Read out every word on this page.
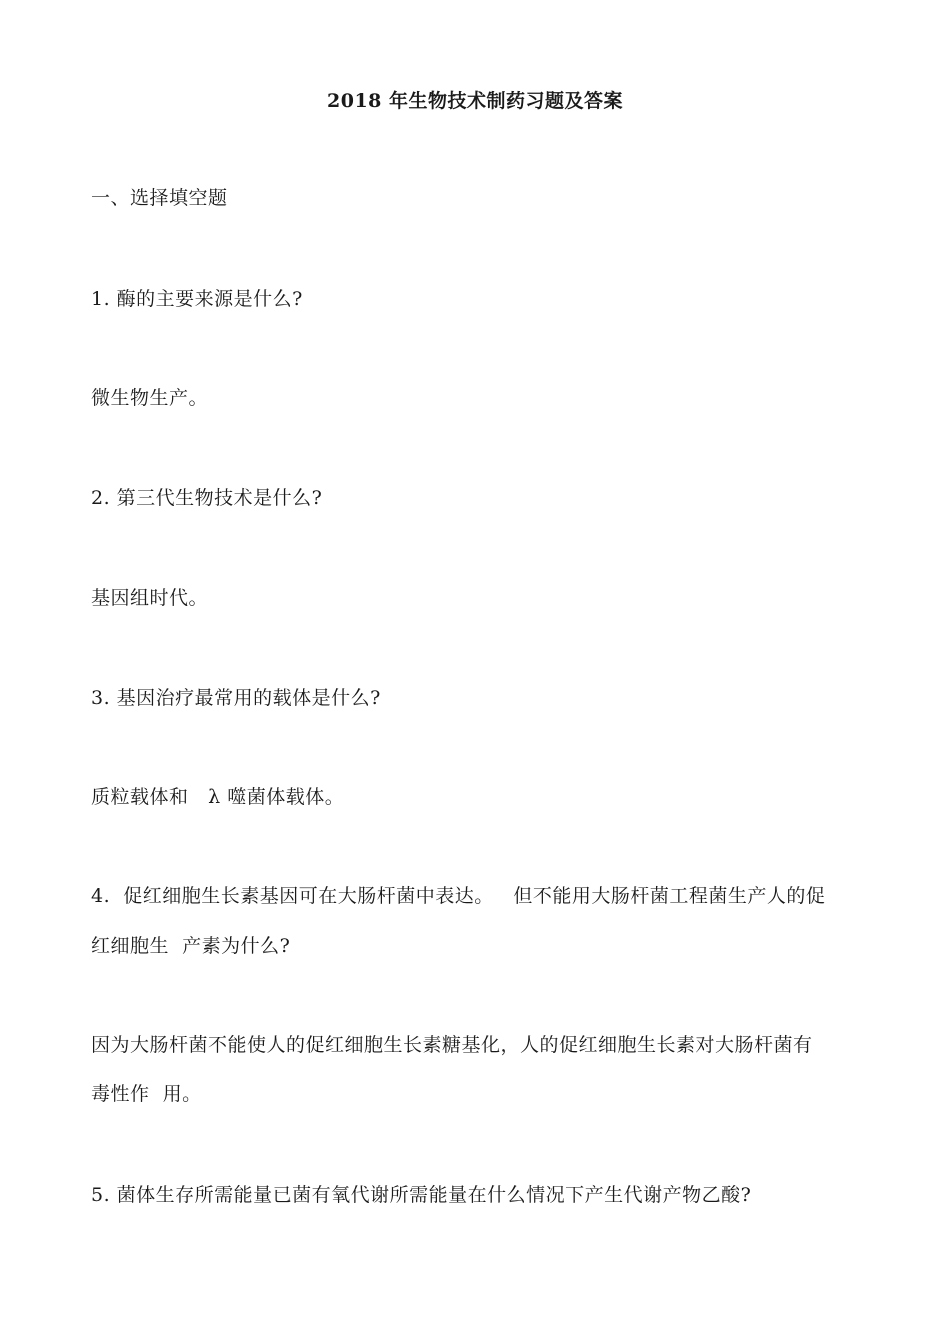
2018 年生物技术制药习题及答案
一、选择填空题
1. 酶的主要来源是什么?
微生物生产。
2. 第三代生物技术是什么?
基因组时代。
3. 基因治疗最常用的载体是什么?
质粒载体和   λ 噬菌体载体。
4.  促红细胞生长素基因可在大肠杆菌中表达。   但不能用大肠杆菌工程菌生产人的促
红细胞生  产素为什么?
因为大肠杆菌不能使人的促红细胞生长素糖基化，人的促红细胞生长素对大肠杆菌有
毒性作  用。
5. 菌体生存所需能量已菌有氧代谢所需能量在什么情况下产生代谢产物乙酸?
